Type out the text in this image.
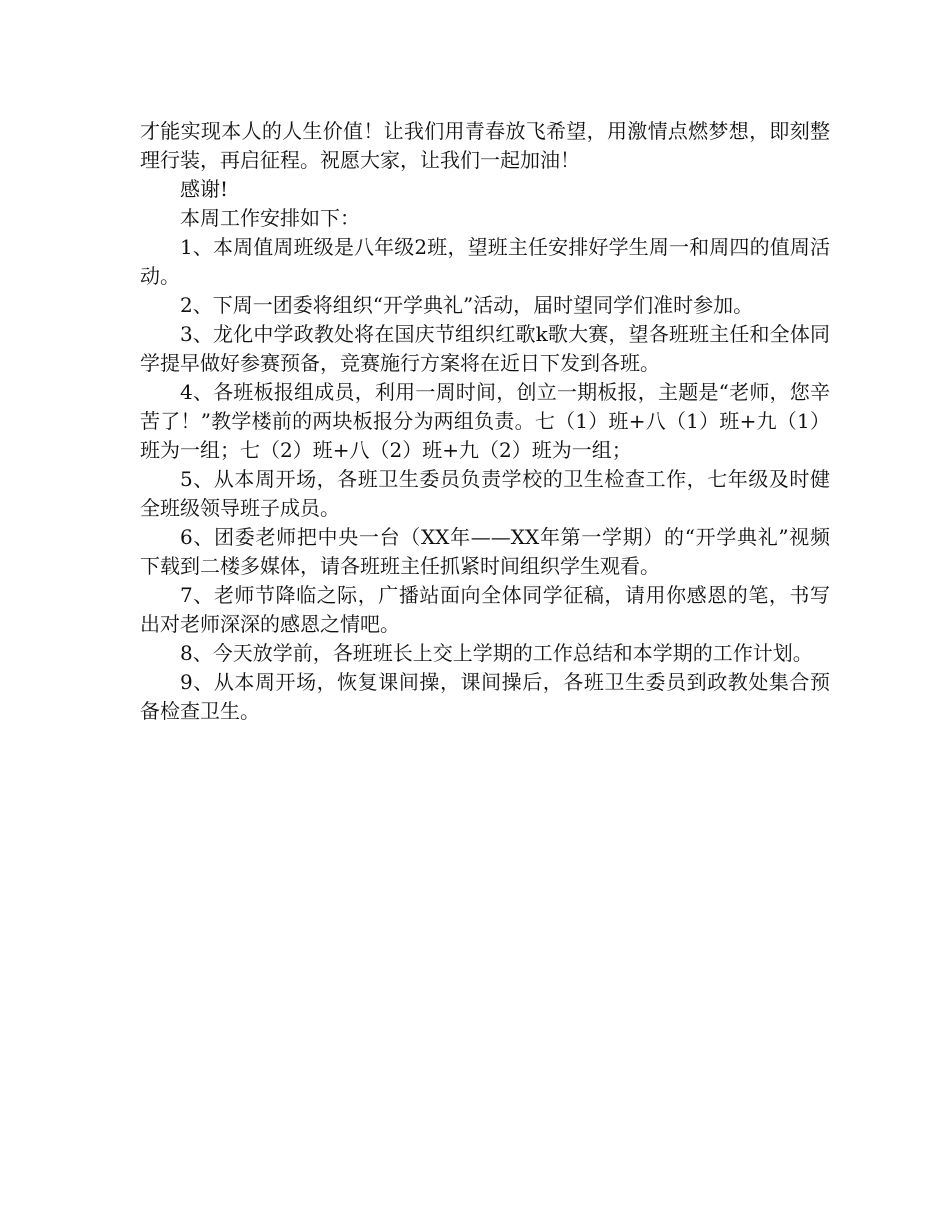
才能实现本人的人生价值！让我们用青春放飞希望，用激情点燃梦想，即刻整理行装，再启征程。祝愿大家，让我们一起加油！

感谢!

本周工作安排如下：

1、本周值周班级是八年级2班，望班主任安排好学生周一和周四的值周活动。

2、下周一团委将组织“开学典礼”活动，届时望同学们准时参加。

3、龙化中学政教处将在国庆节组织红歌k歌大赛，望各班班主任和全体同学提早做好参赛预备，竞赛施行方案将在近日下发到各班。

4、各班板报组成员，利用一周时间，创立一期板报，主题是“老师，您辛苦了！”教学楼前的两块板报分为两组负责。七（1）班+八（1）班+九（1）班为一组；七（2）班+八（2）班+九（2）班为一组；

5、从本周开场，各班卫生委员负责学校的卫生检查工作，七年级及时健全班级领导班子成员。

6、团委老师把中央一台（XX年——XX年第一学期）的“开学典礼”视频下载到二楼多媒体，请各班班主任抓紧时间组织学生观看。

7、老师节降临之际，广播站面向全体同学征稿，请用你感恩的笔，书写出对老师深深的感恩之情吧。

8、今天放学前，各班班长上交上学期的工作总结和本学期的工作计划。

9、从本周开场，恢复课间操，课间操后，各班卫生委员到政教处集合预备检查卫生。
